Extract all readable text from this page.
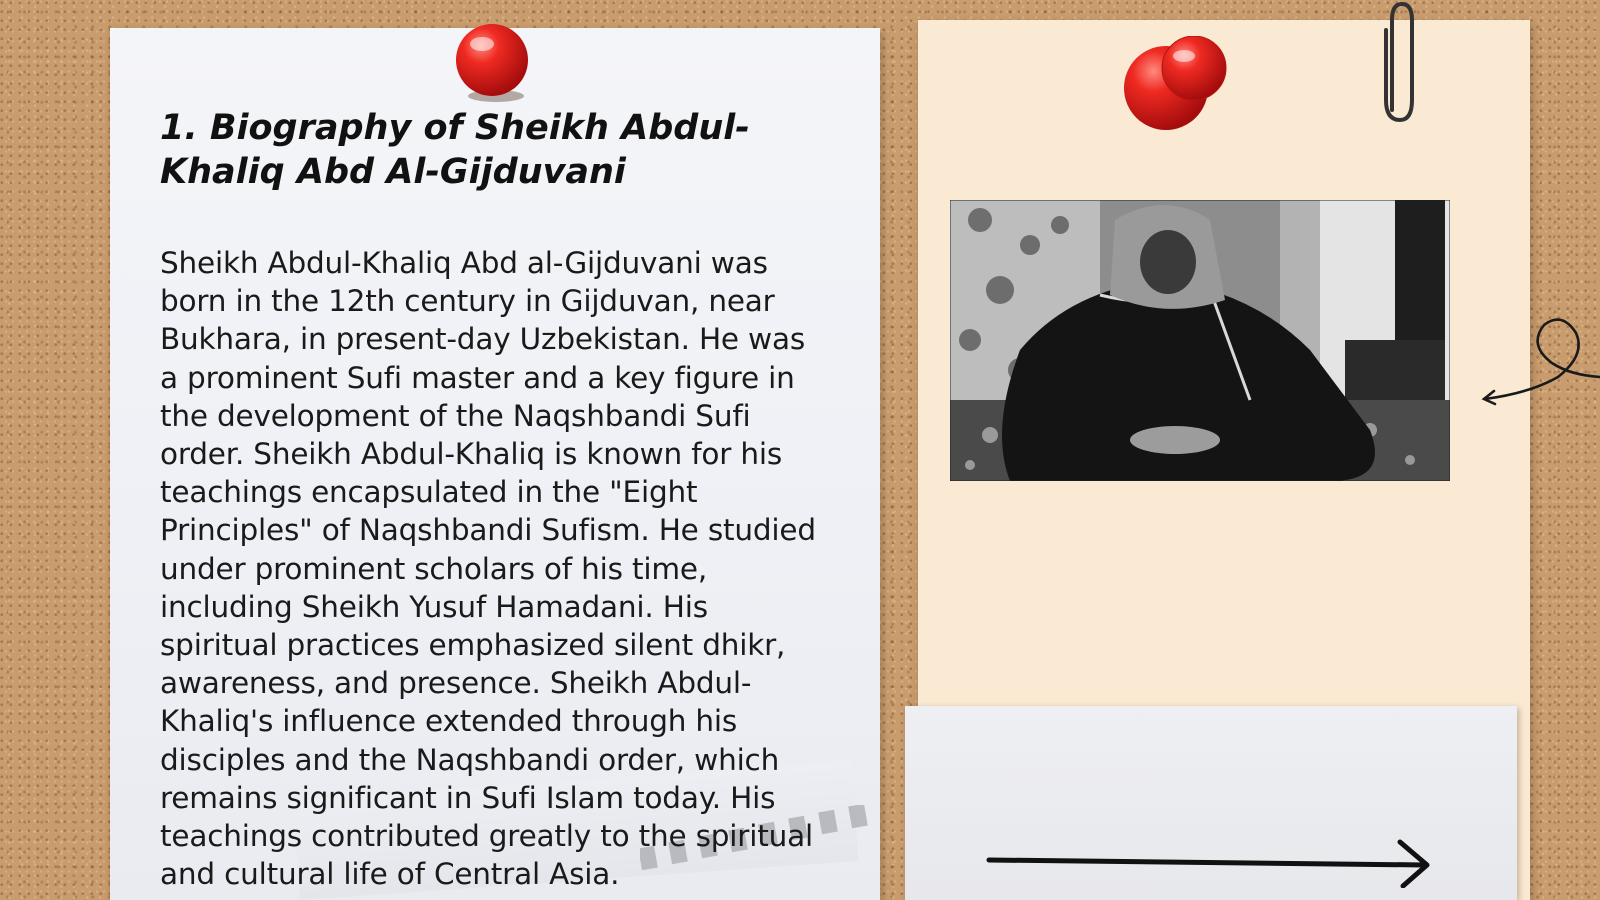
1. Biography of Sheikh Abdul-Khaliq Abd Al-Gijduvani

Sheikh Abdul-Khaliq Abd al-Gijduvani was
born in the 12th century in Gijduvan, near
Bukhara, in present-day Uzbekistan. He was
a prominent Sufi master and a key figure in
the development of the Naqshbandi Sufi
order. Sheikh Abdul-Khaliq is known for his
teachings encapsulated in the "Eight
Principles" of Naqshbandi Sufism. He studied
under prominent scholars of his time,
including Sheikh Yusuf Hamadani. His
spiritual practices emphasized silent dhikr,
awareness, and presence. Sheikh Abdul-
Khaliq's influence extended through his
disciples and the Naqshbandi order, which
remains significant in Sufi Islam today. His
teachings contributed greatly to the spiritual
and cultural life of Central Asia.
